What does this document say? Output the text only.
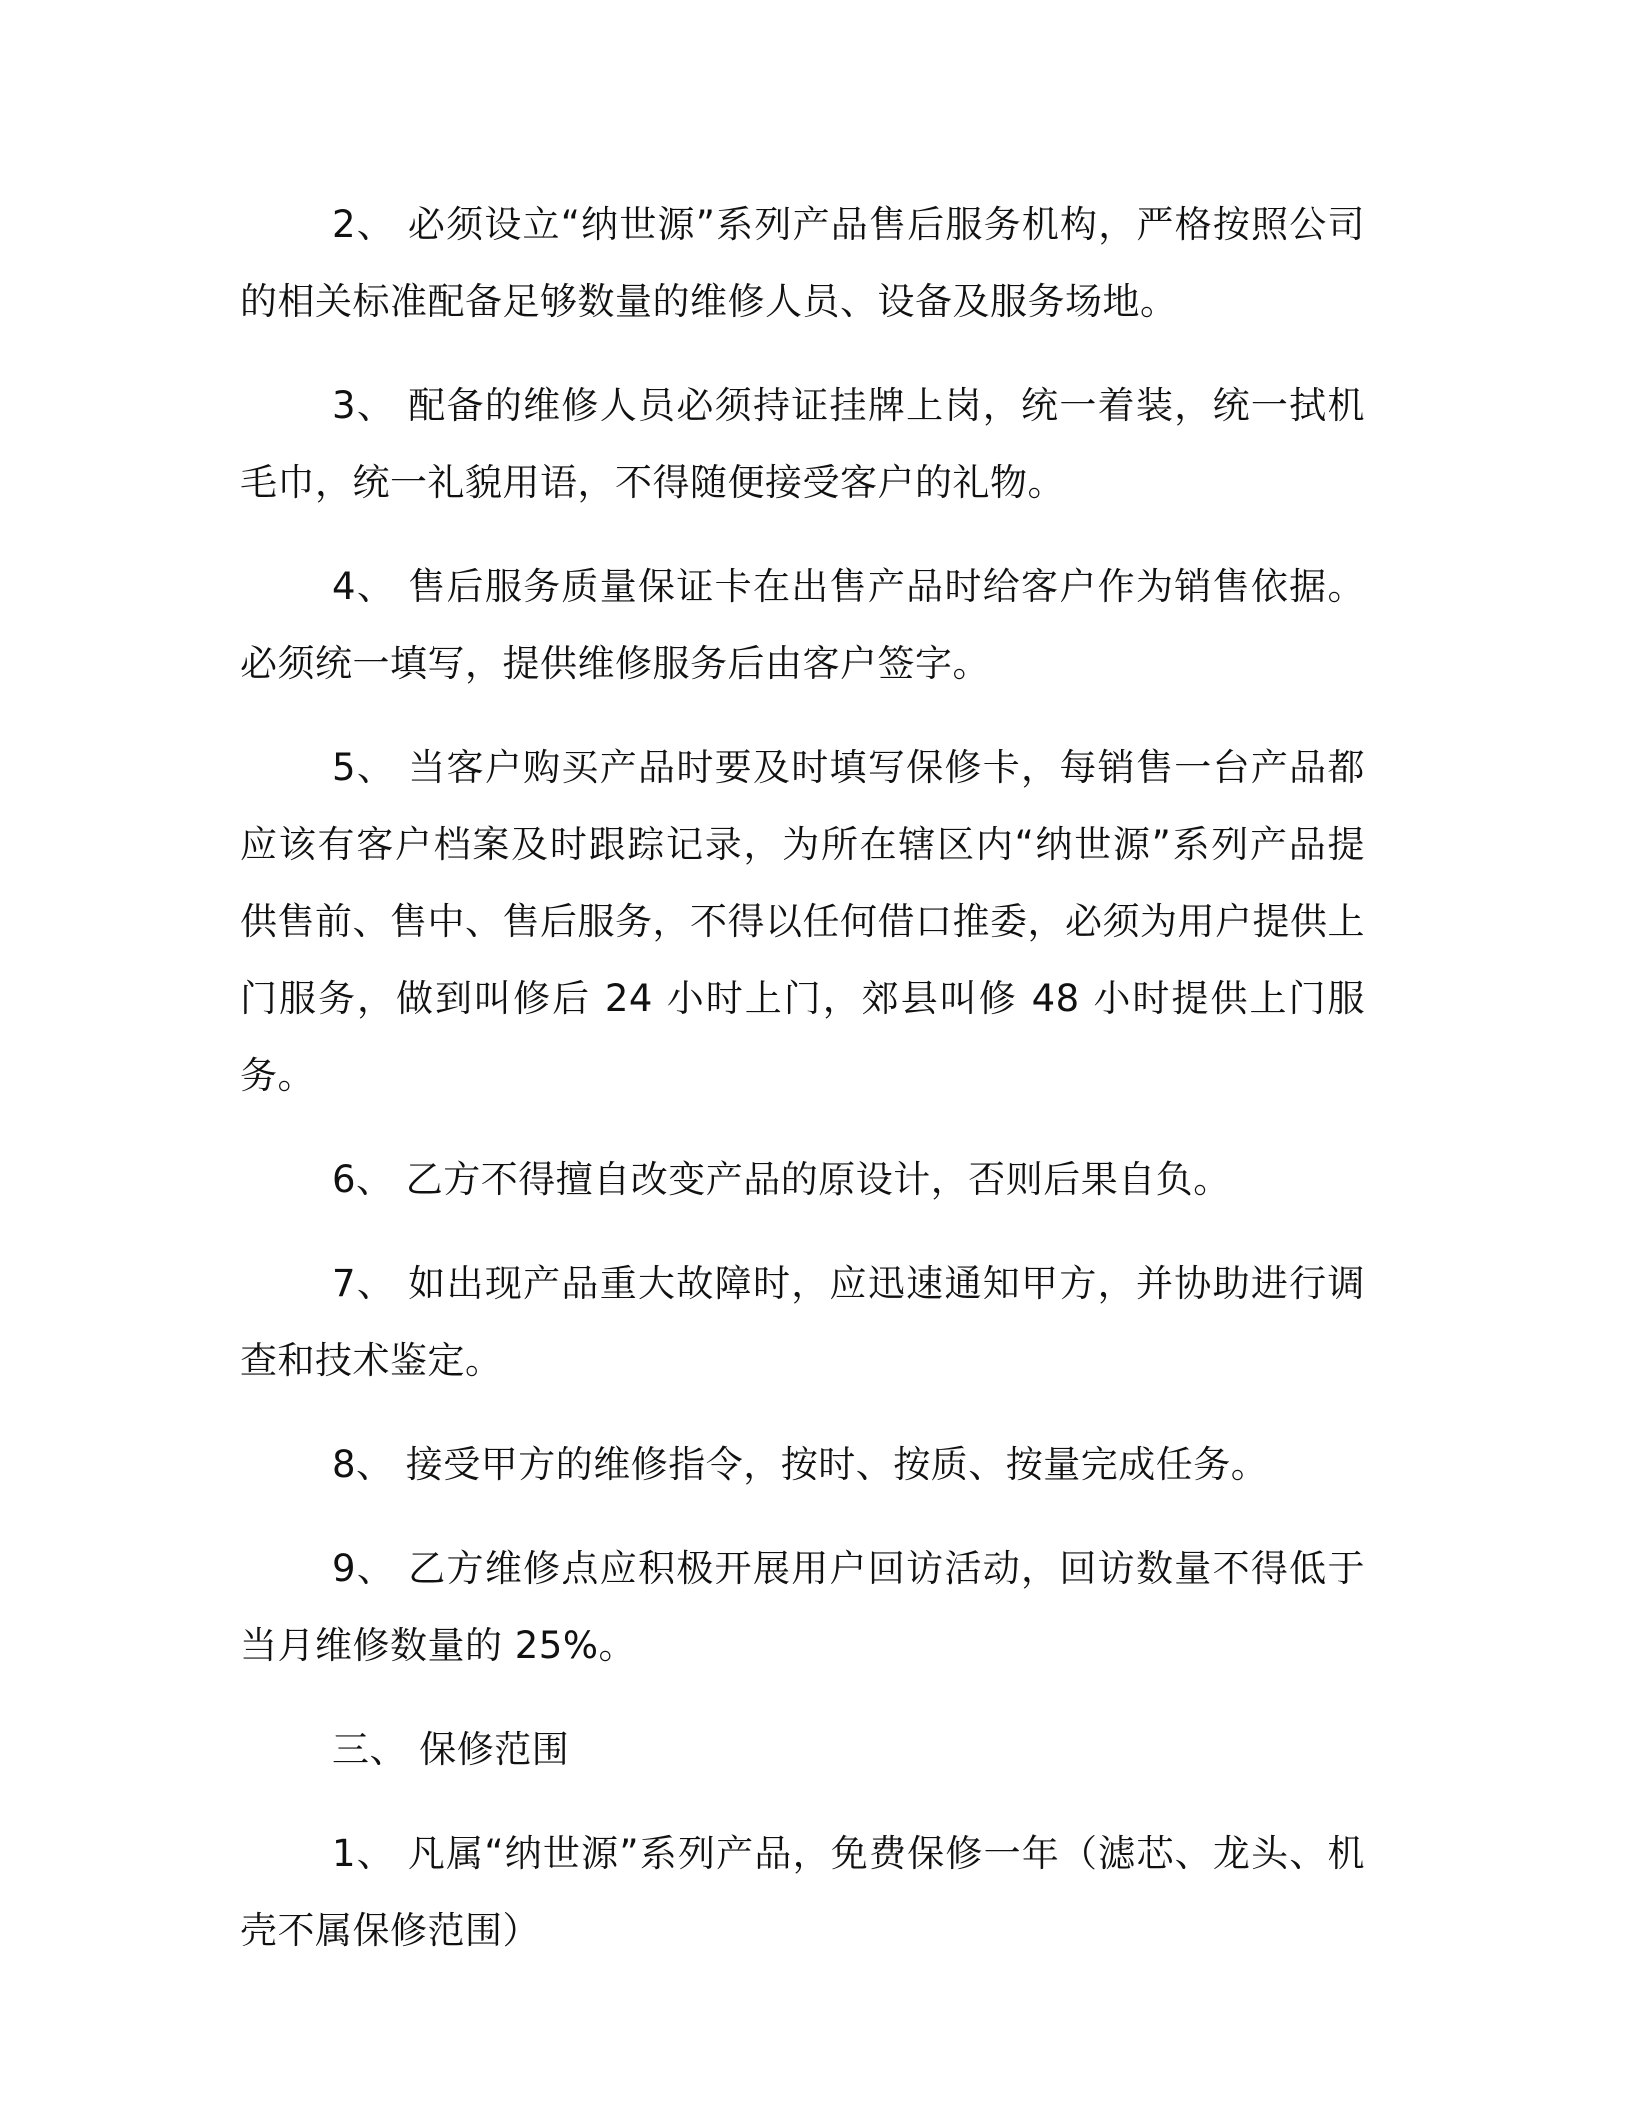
2、 必须设立“纳世源”系列产品售后服务机构，严格按照公司的相关标准配备足够数量的维修人员、设备及服务场地。

3、 配备的维修人员必须持证挂牌上岗，统一着装，统一拭机毛巾，统一礼貌用语，不得随便接受客户的礼物。

4、 售后服务质量保证卡在出售产品时给客户作为销售依据。必须统一填写，提供维修服务后由客户签字。

5、 当客户购买产品时要及时填写保修卡，每销售一台产品都应该有客户档案及时跟踪记录，为所在辖区内“纳世源”系列产品提供售前、售中、售后服务，不得以任何借口推委，必须为用户提供上门服务，做到叫修后 24 小时上门，郊县叫修 48 小时提供上门服务。

6、 乙方不得擅自改变产品的原设计，否则后果自负。

7、 如出现产品重大故障时，应迅速通知甲方，并协助进行调查和技术鉴定。

8、 接受甲方的维修指令，按时、按质、按量完成任务。

9、 乙方维修点应积极开展用户回访活动，回访数量不得低于当月维修数量的 25%。

三、 保修范围

1、 凡属“纳世源”系列产品，免费保修一年（滤芯、龙头、机壳不属保修范围）
